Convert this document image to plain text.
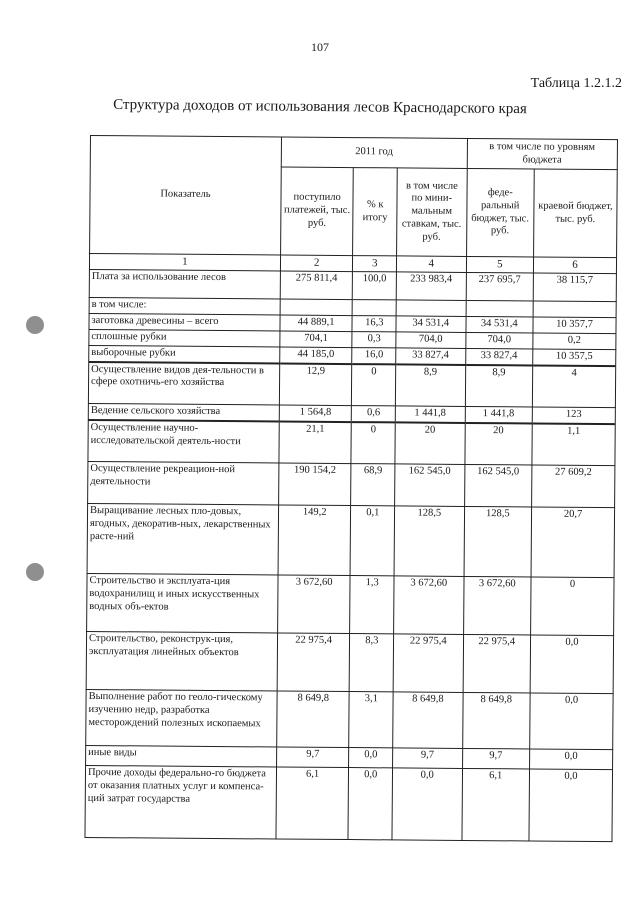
107
Таблица 1.2.1.2
Структура доходов от использования лесов Краснодарского края
Показатель	2011 год			в том числе по уровням бюджета	
	поступило платежей, тыс. руб.	% к итогу	в том числе по мини-мальным ставкам, тыс. руб.	феде-ральный бюджет, тыс. руб.	краевой бюджет, тыс. руб.
1	2	3	4	5	6
Плата за использование лесов	275 811,4	100,0	233 983,4	237 695,7	38 115,7
в том числе:					
заготовка древесины – всего	44 889,1	16,3	34 531,4	34 531,4	10 357,7
сплошные рубки	704,1	0,3	704,0	704,0	0,2
выборочные рубки	44 185,0	16,0	33 827,4	33 827,4	10 357,5
Осуществление видов дея-тельности в сфере охотничь-его хозяйства	12,9	0	8,9	8,9	4
Ведение сельского хозяйства	1 564,8	0,6	1 441,8	1 441,8	123
Осуществление научно-исследовательской деятель-ности	21,1	0	20	20	1,1
Осуществление рекреацион-ной деятельности	190 154,2	68,9	162 545,0	162 545,0	27 609,2
Выращивание лесных пло-довых, ягодных, декоратив-ных, лекарственных расте-ний	149,2	0,1	128,5	128,5	20,7
Строительство и эксплуата-ция водохранилищ и иных искусственных водных объ-ектов	3 672,60	1,3	3 672,60	3 672,60	0
Строительство, реконструк-ция, эксплуатация линейных объектов	22 975,4	8,3	22 975,4	22 975,4	0,0
Выполнение работ по геоло-гическому изучению недр, разработка месторождений полезных ископаемых	8 649,8	3,1	8 649,8	8 649,8	0,0
иные виды	9,7	0,0	9,7	9,7	0,0
Прочие доходы федерально-го бюджета от оказания платных услуг и компенса-ций затрат государства	6,1	0,0	0,0	6,1	0,0
